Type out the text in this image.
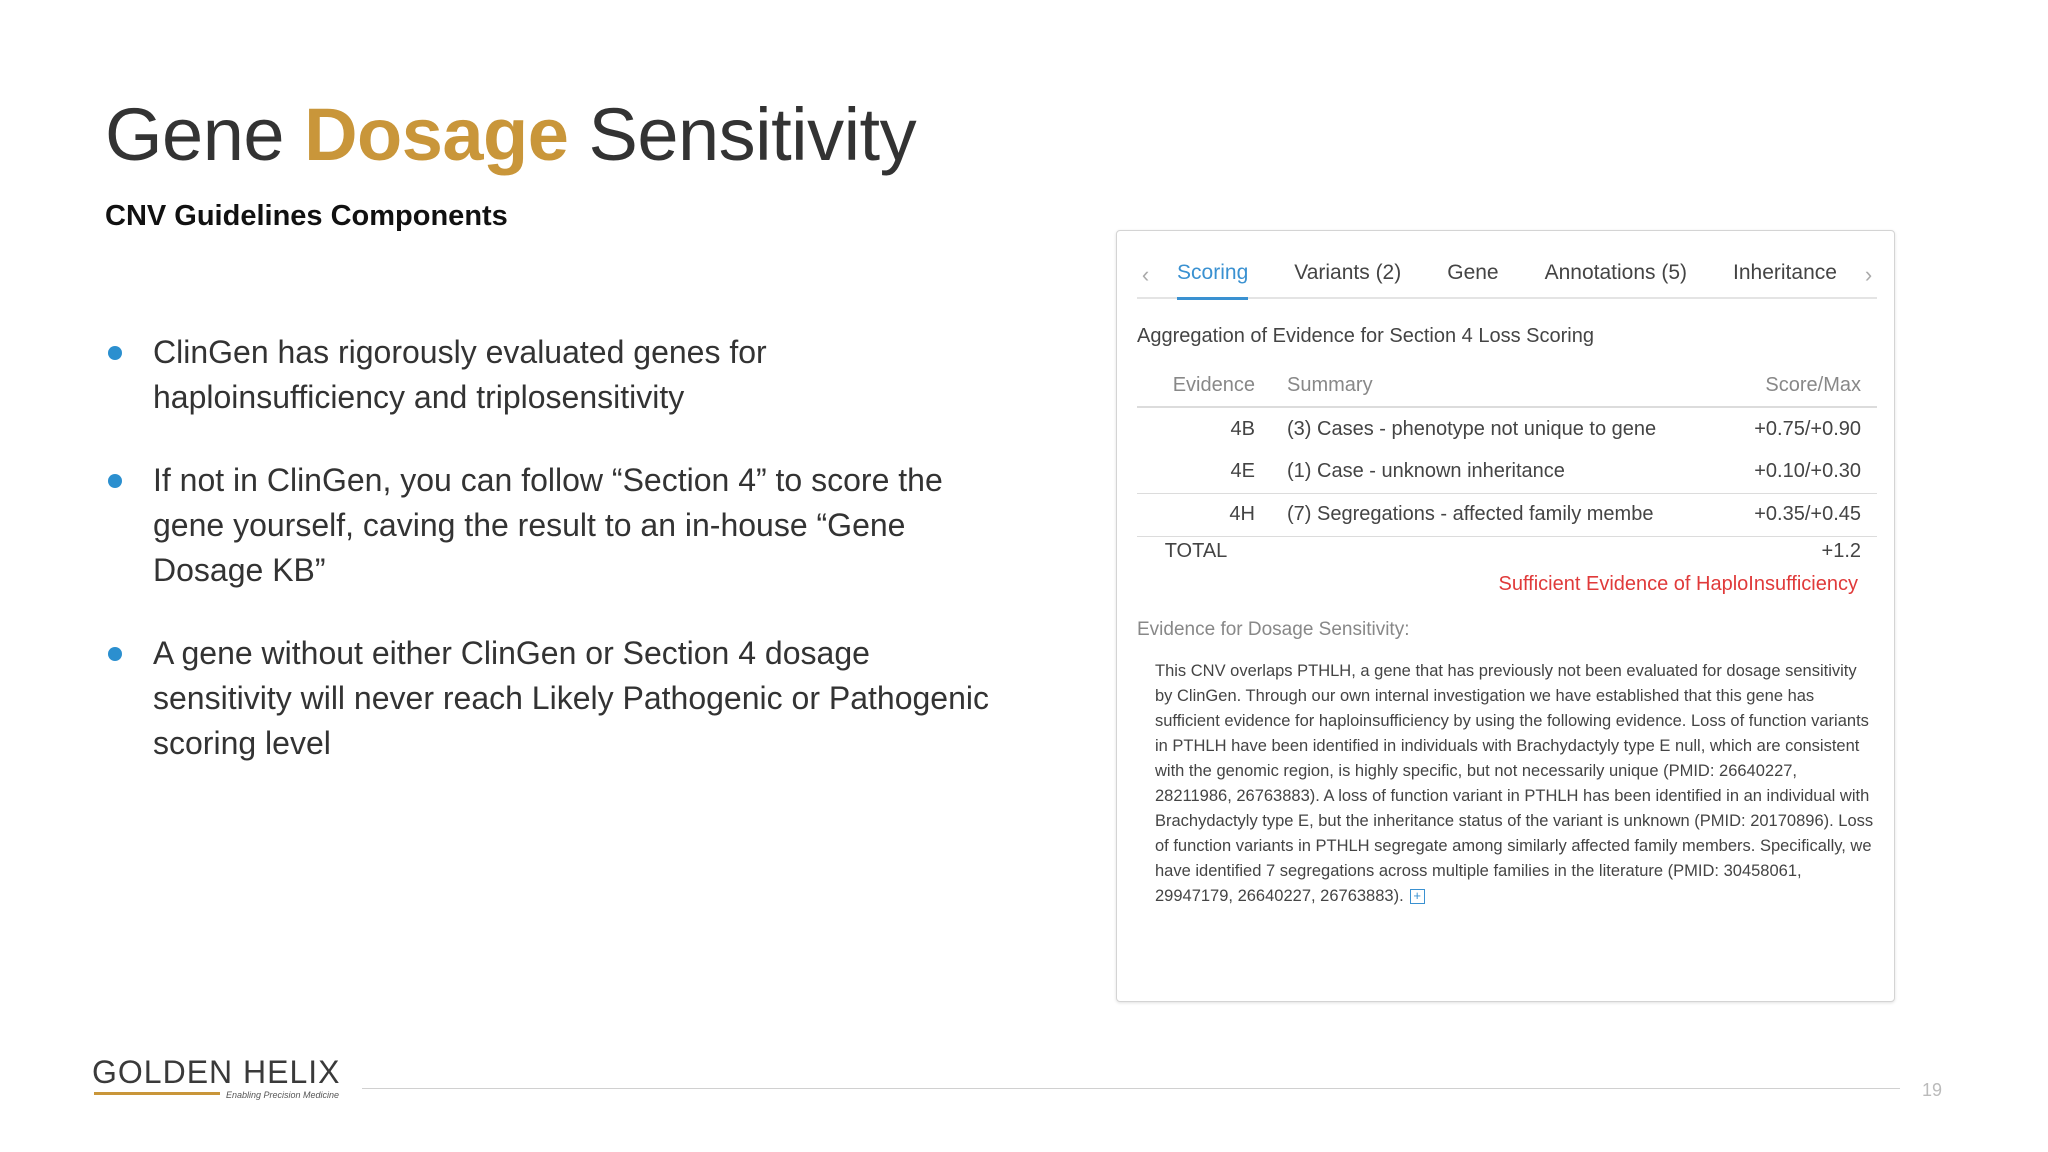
Gene Dosage Sensitivity
CNV Guidelines Components
ClinGen has rigorously evaluated genes for haploinsufficiency and triplosensitivity
If not in ClinGen, you can follow “Section 4” to score the gene yourself, caving the result to an in-house “Gene Dosage KB”
A gene without either ClinGen or Section 4 dosage sensitivity will never reach Likely Pathogenic or Pathogenic scoring level
‹ Scoring Variants (2) Gene Annotations (5) Inheritance ›
Aggregation of Evidence for Section 4 Loss Scoring
Evidence	Summary	Score/Max
4B	(3) Cases - phenotype not unique to gene	+0.75/+0.90
4E	(1) Case - unknown inheritance	+0.10/+0.30
4H	(7) Segregations - affected family membe	+0.35/+0.45
TOTAL		+1.2
Sufficient Evidence of HaploInsufficiency
Evidence for Dosage Sensitivity:
This CNV overlaps PTHLH, a gene that has previously not been evaluated for dosage sensitivity by ClinGen. Through our own internal investigation we have established that this gene has sufficient evidence for haploinsufficiency by using the following evidence. Loss of function variants in PTHLH have been identified in individuals with Brachydactyly type E null, which are consistent with the genomic region, is highly specific, but not necessarily unique (PMID: 26640227, 28211986, 26763883). A loss of function variant in PTHLH has been identified in an individual with Brachydactyly type E, but the inheritance status of the variant is unknown (PMID: 20170896). Loss of function variants in PTHLH segregate among similarly affected family members. Specifically, we have identified 7 segregations across multiple families in the literature (PMID: 30458061, 29947179, 26640227, 26763883). +
GOLDEN HELIX
Enabling Precision Medicine	19
